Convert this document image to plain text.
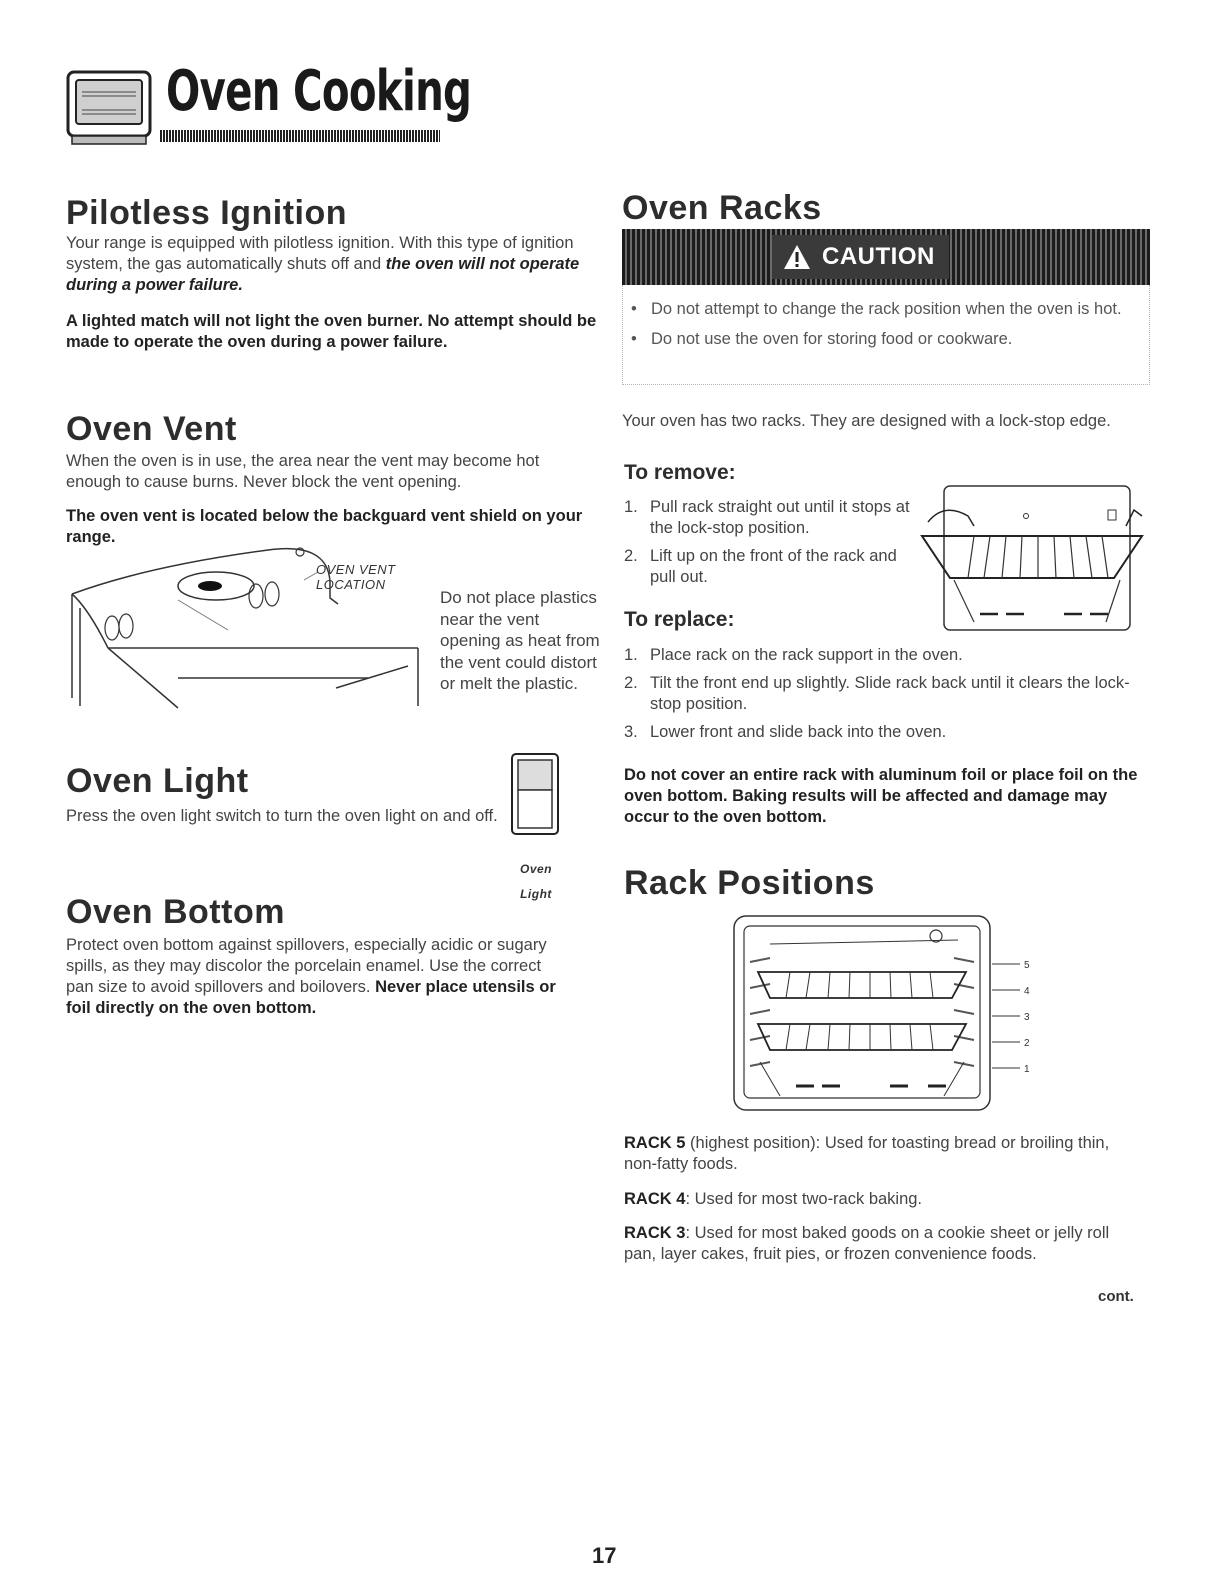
Oven Cooking
Pilotless Ignition
Your range is equipped with pilotless ignition. With this type of ignition system, the gas automatically shuts off and the oven will not operate during a power failure.
A lighted match will not light the oven burner. No attempt should be made to operate the oven during a power failure.
Oven Vent
When the oven is in use, the area near the vent may become hot enough to cause burns. Never block the vent opening.
The oven vent is located below the backguard vent shield on your range.
OVEN VENT
LOCATION
Do not place plastics near the vent opening as heat from the vent could distort or melt the plastic.
Oven Light
Press the oven light switch to turn the oven light on and off.
Oven
Light
Oven Bottom
Protect oven bottom against spillovers, especially acidic or sugary spills, as they may discolor the porcelain enamel. Use the correct pan size to avoid spillovers and boilovers. Never place utensils or foil directly on the oven bottom.
Oven Racks
CAUTION
• Do not attempt to change the rack position when the oven is hot.
• Do not use the oven for storing food or cookware.
Your oven has two racks. They are designed with a lock-stop edge.
To remove:
1. Pull rack straight out until it stops at the lock-stop position.
2. Lift up on the front of the rack and pull out.
To replace:
1. Place rack on the rack support in the oven.
2. Tilt the front end up slightly. Slide rack back until it clears the lock-stop position.
3. Lower front and slide back into the oven.
Do not cover an entire rack with aluminum foil or place foil on the oven bottom. Baking results will be affected and damage may occur to the oven bottom.
Rack Positions
5
4
3
2
1
RACK 5 (highest position): Used for toasting bread or broiling thin, non-fatty foods.
RACK 4: Used for most two-rack baking.
RACK 3: Used for most baked goods on a cookie sheet or jelly roll pan, layer cakes, fruit pies, or frozen convenience foods.
cont.
17
